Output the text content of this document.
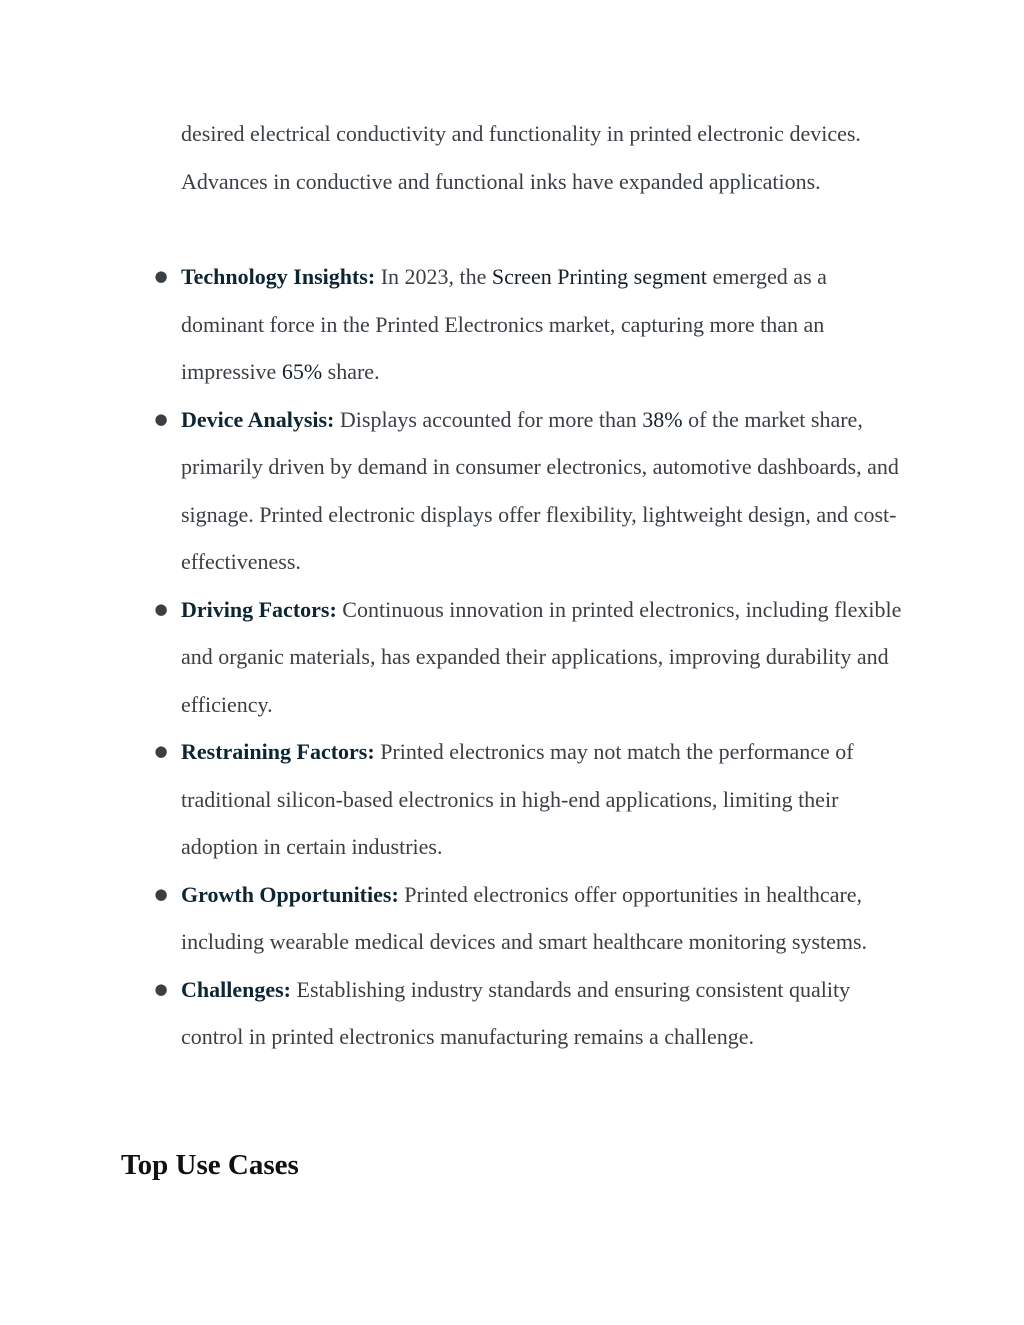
desired electrical conductivity and functionality in printed electronic devices. Advances in conductive and functional inks have expanded applications.

● Technology Insights: In 2023, the Screen Printing segment emerged as a dominant force in the Printed Electronics market, capturing more than an impressive 65% share.
● Device Analysis: Displays accounted for more than 38% of the market share, primarily driven by demand in consumer electronics, automotive dashboards, and signage. Printed electronic displays offer flexibility, lightweight design, and cost-effectiveness.
● Driving Factors: Continuous innovation in printed electronics, including flexible and organic materials, has expanded their applications, improving durability and efficiency.
● Restraining Factors: Printed electronics may not match the performance of traditional silicon-based electronics in high-end applications, limiting their adoption in certain industries.
● Growth Opportunities: Printed electronics offer opportunities in healthcare, including wearable medical devices and smart healthcare monitoring systems.
● Challenges: Establishing industry standards and ensuring consistent quality control in printed electronics manufacturing remains a challenge.
Top Use Cases
